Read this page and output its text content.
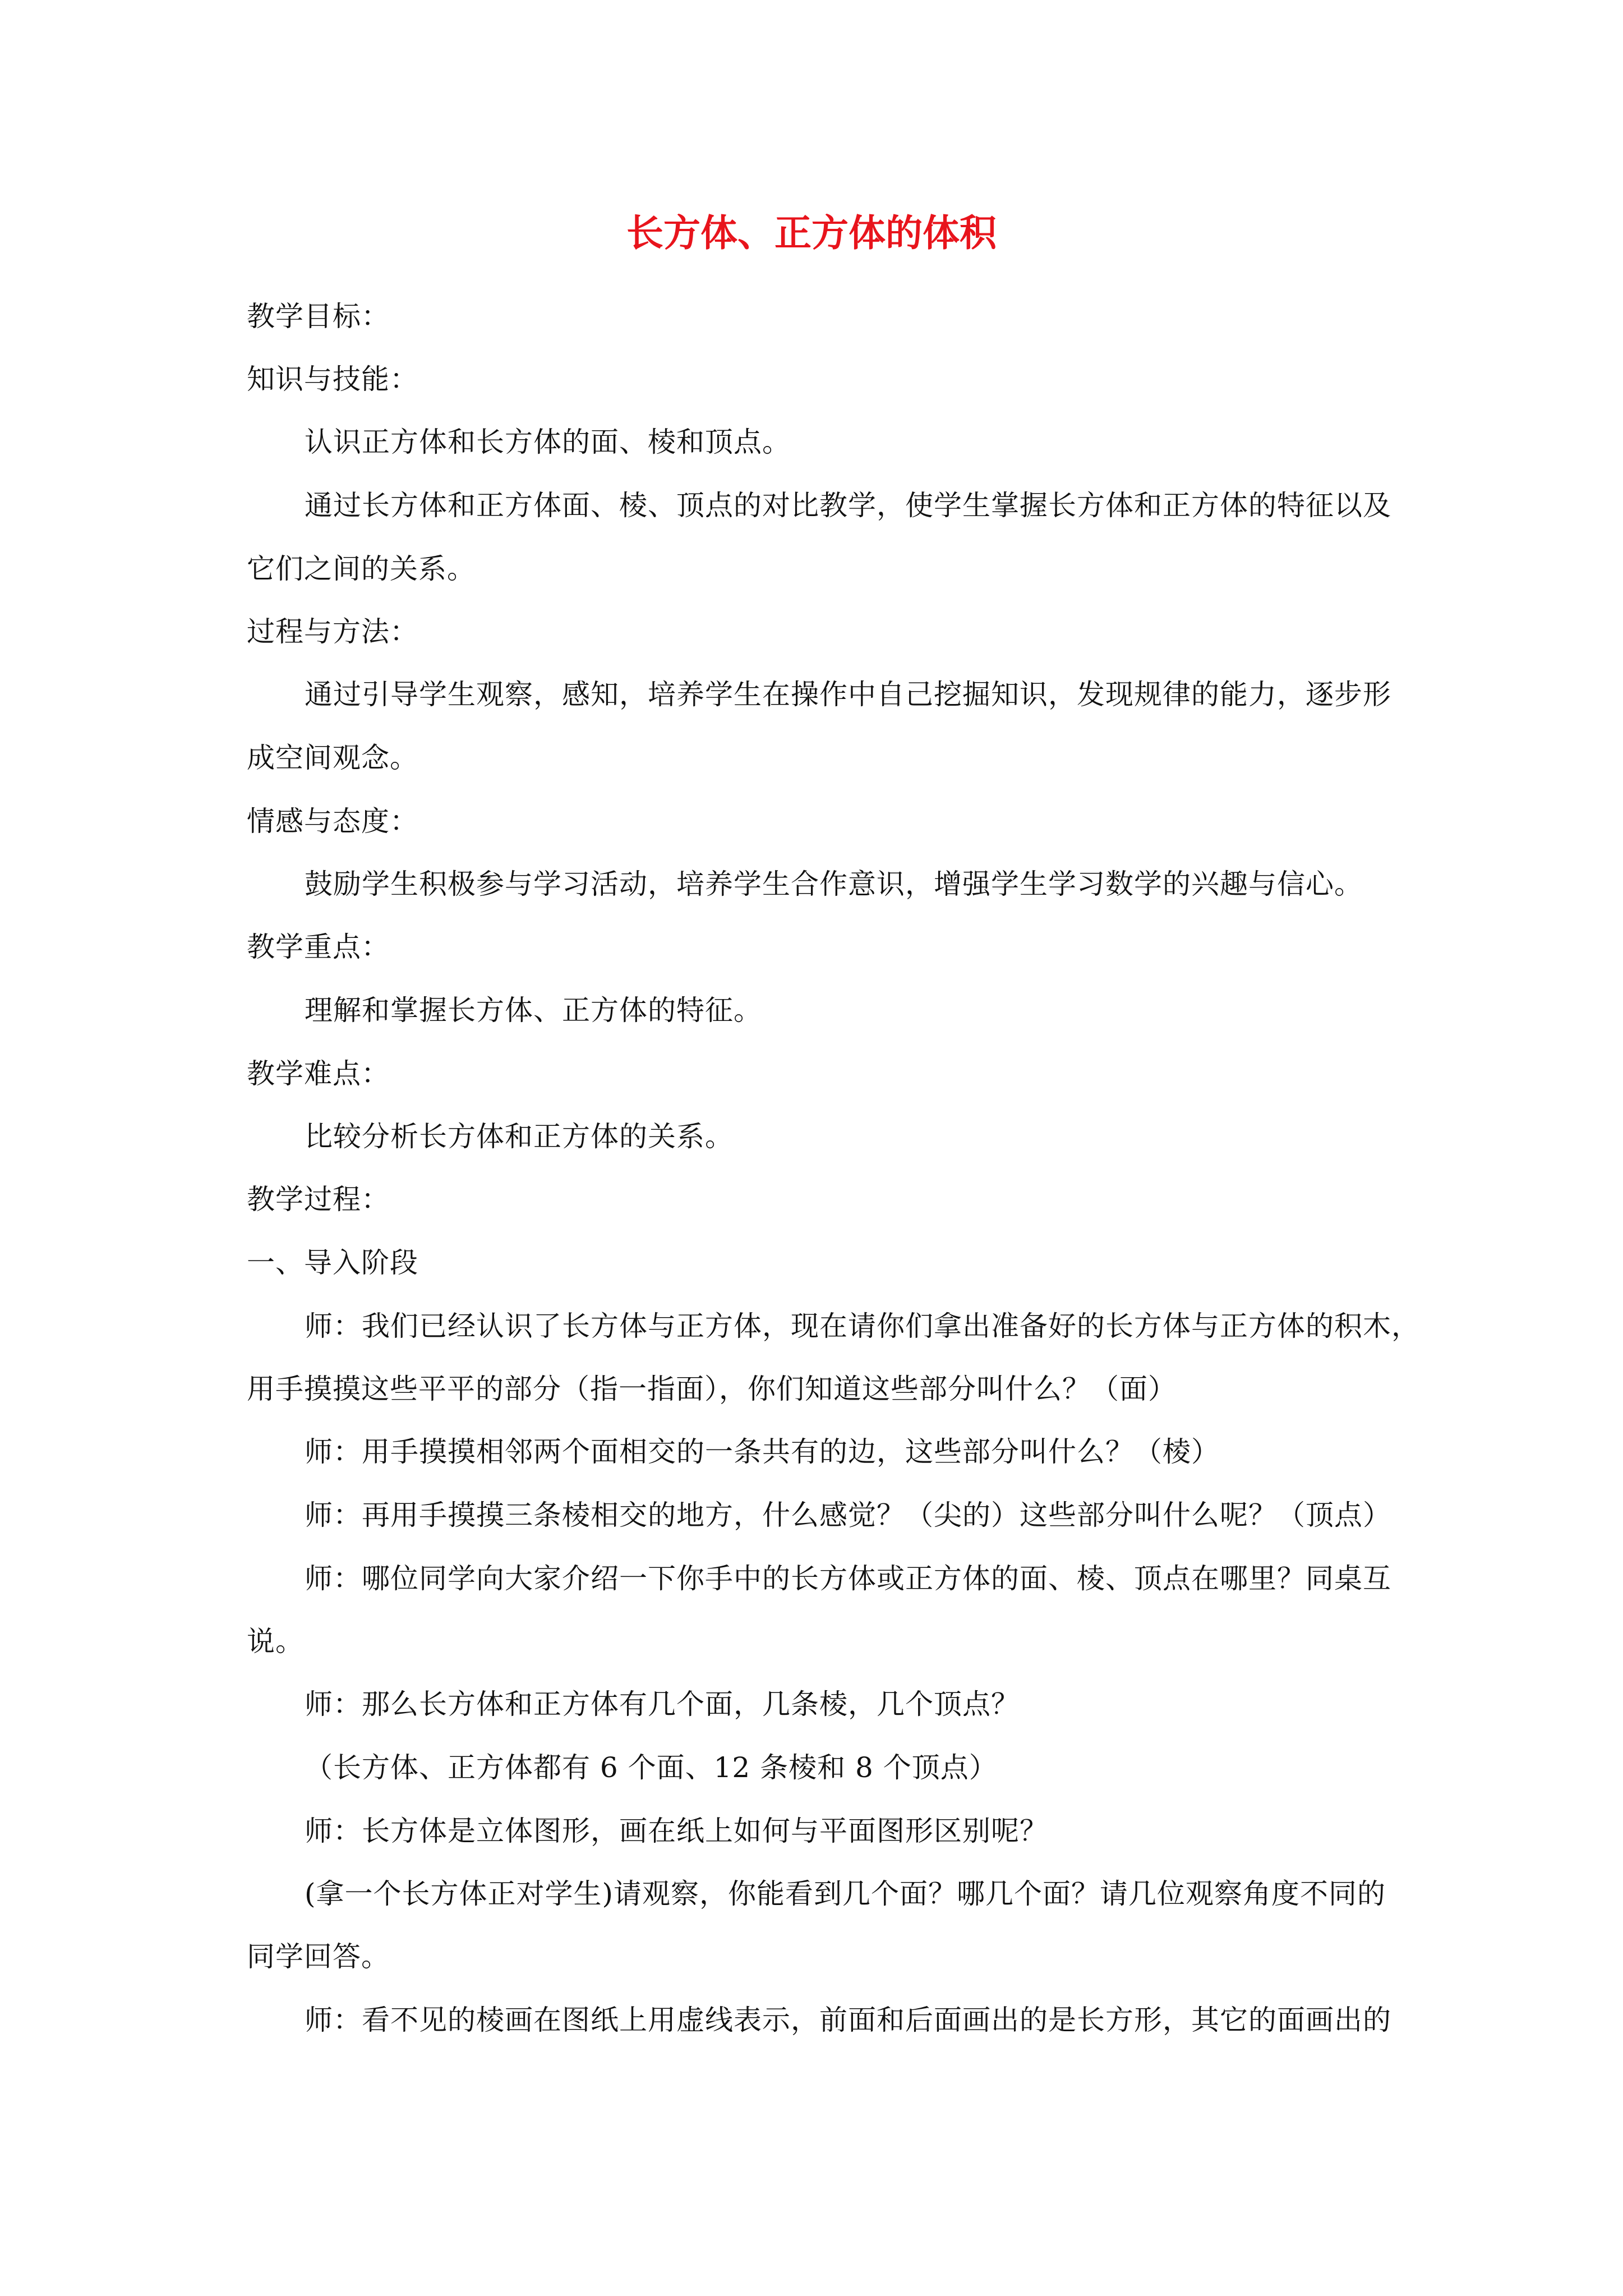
长方体、正方体的体积
教学目标：
知识与技能：
认识正方体和长方体的面、棱和顶点。
通过长方体和正方体面、棱、顶点的对比教学，使学生掌握长方体和正方体的特征以及
它们之间的关系。
过程与方法：
通过引导学生观察，感知，培养学生在操作中自己挖掘知识，发现规律的能力，逐步形
成空间观念。
情感与态度：
鼓励学生积极参与学习活动，培养学生合作意识，增强学生学习数学的兴趣与信心。
教学重点：
理解和掌握长方体、正方体的特征。
教学难点：
比较分析长方体和正方体的关系。
教学过程：
一、导入阶段
师：我们已经认识了长方体与正方体，现在请你们拿出准备好的长方体与正方体的积木，
用手摸摸这些平平的部分（指一指面），你们知道这些部分叫什么？（面）
师：用手摸摸相邻两个面相交的一条共有的边，这些部分叫什么？（棱）
师：再用手摸摸三条棱相交的地方，什么感觉？（尖的）这些部分叫什么呢？（顶点）
师：哪位同学向大家介绍一下你手中的长方体或正方体的面、棱、顶点在哪里？同桌互
说。
师：那么长方体和正方体有几个面，几条棱，几个顶点？
（长方体、正方体都有 6 个面、12 条棱和 8 个顶点）
师：长方体是立体图形，画在纸上如何与平面图形区别呢？
(拿一个长方体正对学生)请观察，你能看到几个面？哪几个面？请几位观察角度不同的
同学回答。
师：看不见的棱画在图纸上用虚线表示，前面和后面画出的是长方形，其它的面画出的
